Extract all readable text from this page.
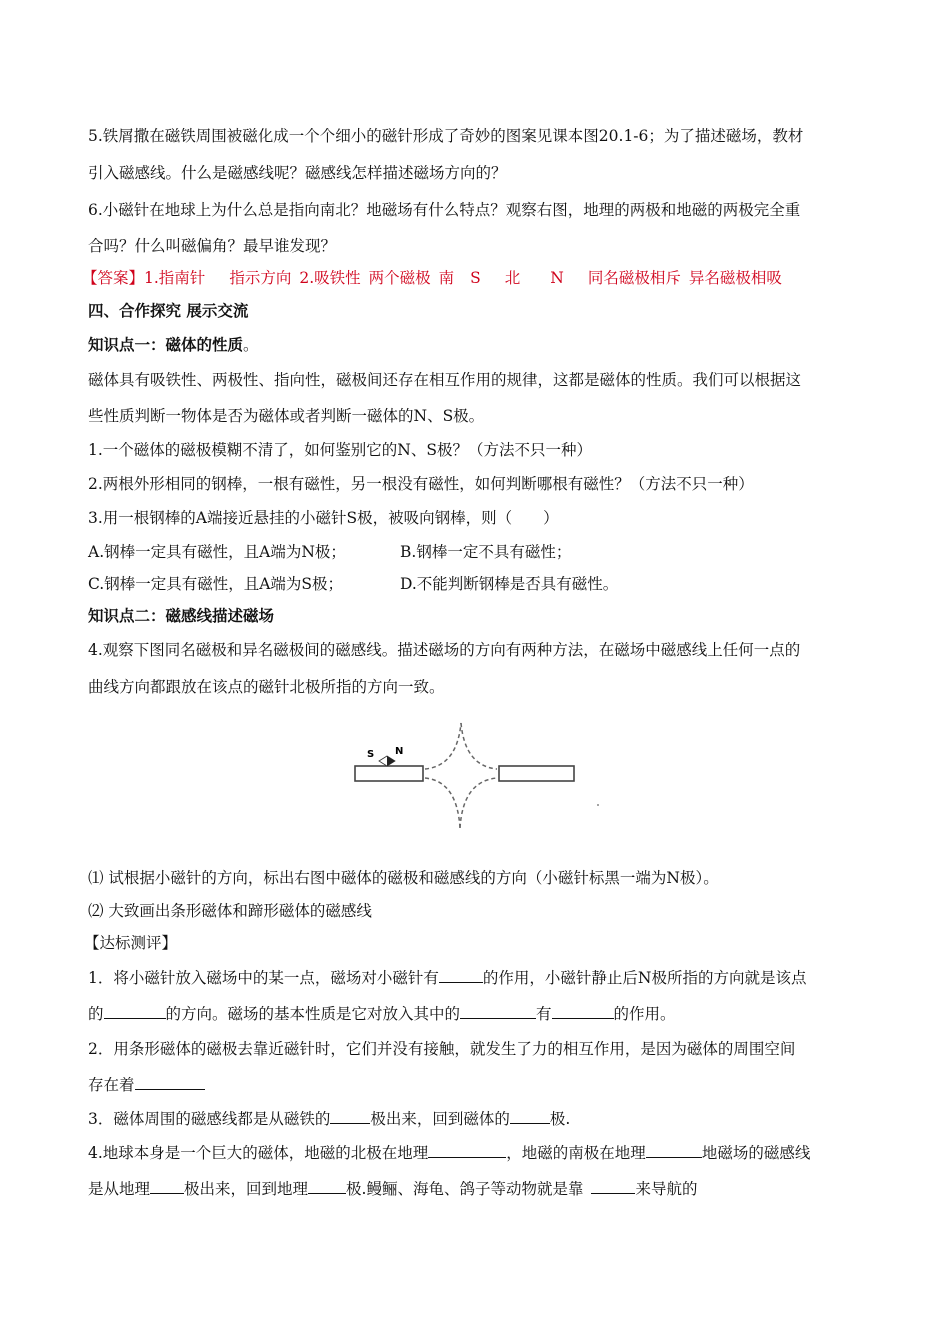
5.铁屑撒在磁铁周围被磁化成一个个细小的磁针形成了奇妙的图案见课本图20.1-6；为了描述磁场，教材
引入磁感线。什么是磁感线呢？磁感线怎样描述磁场方向的？
6.小磁针在地球上为什么总是指向南北？地磁场有什么特点？观察右图，地理的两极和地磁的两极完全重
合吗？什么叫磁偏角？最早谁发现？
【答案】1.指南针 指示方向 2.吸铁性 两个磁极 南 S 北 N 同名磁极相斥 异名磁极相吸
四、合作探究 展示交流
知识点一：磁体的性质。
磁体具有吸铁性、两极性、指向性，磁极间还存在相互作用的规律，这都是磁体的性质。我们可以根据这
些性质判断一物体是否为磁体或者判断一磁体的N、S极。
1.一个磁体的磁极模糊不清了，如何鉴别它的N、S极？（方法不只一种）
2.两根外形相同的钢棒，一根有磁性，另一根没有磁性，如何判断哪根有磁性？（方法不只一种）
3.用一根钢棒的A端接近悬挂的小磁针S极，被吸向钢棒，则（　　）
A.钢棒一定具有磁性，且A端为N极；	B.钢棒一定不具有磁性；
C.钢棒一定具有磁性，且A端为S极；	D.不能判断钢棒是否具有磁性。
知识点二：磁感线描述磁场
4.观察下图同名磁极和异名磁极间的磁感线。描述磁场的方向有两种方法，在磁场中磁感线上任何一点的
曲线方向都跟放在该点的磁针北极所指的方向一致。
S N
⑴ 试根据小磁针的方向，标出右图中磁体的磁极和磁感线的方向（小磁针标黑一端为N极）。
⑵ 大致画出条形磁体和蹄形磁体的磁感线
【达标测评】
1．将小磁针放入磁场中的某一点，磁场对小磁针有	的作用，小磁针静止后N极所指的方向就是该点
的	的方向。磁场的基本性质是它对放入其中的	有	的作用。
2．用条形磁体的磁极去靠近磁针时，它们并没有接触，就发生了力的相互作用，是因为磁体的周围空间
存在着
3．磁体周围的磁感线都是从磁铁的	极出来，回到磁体的	极.
4.地球本身是一个巨大的磁体，地磁的北极在地理	，地磁的南极在地理	地磁场的磁感线
是从地理 极出来，回到地理 极.鳗鲡、海龟、鸽子等动物就是靠	来导航的
